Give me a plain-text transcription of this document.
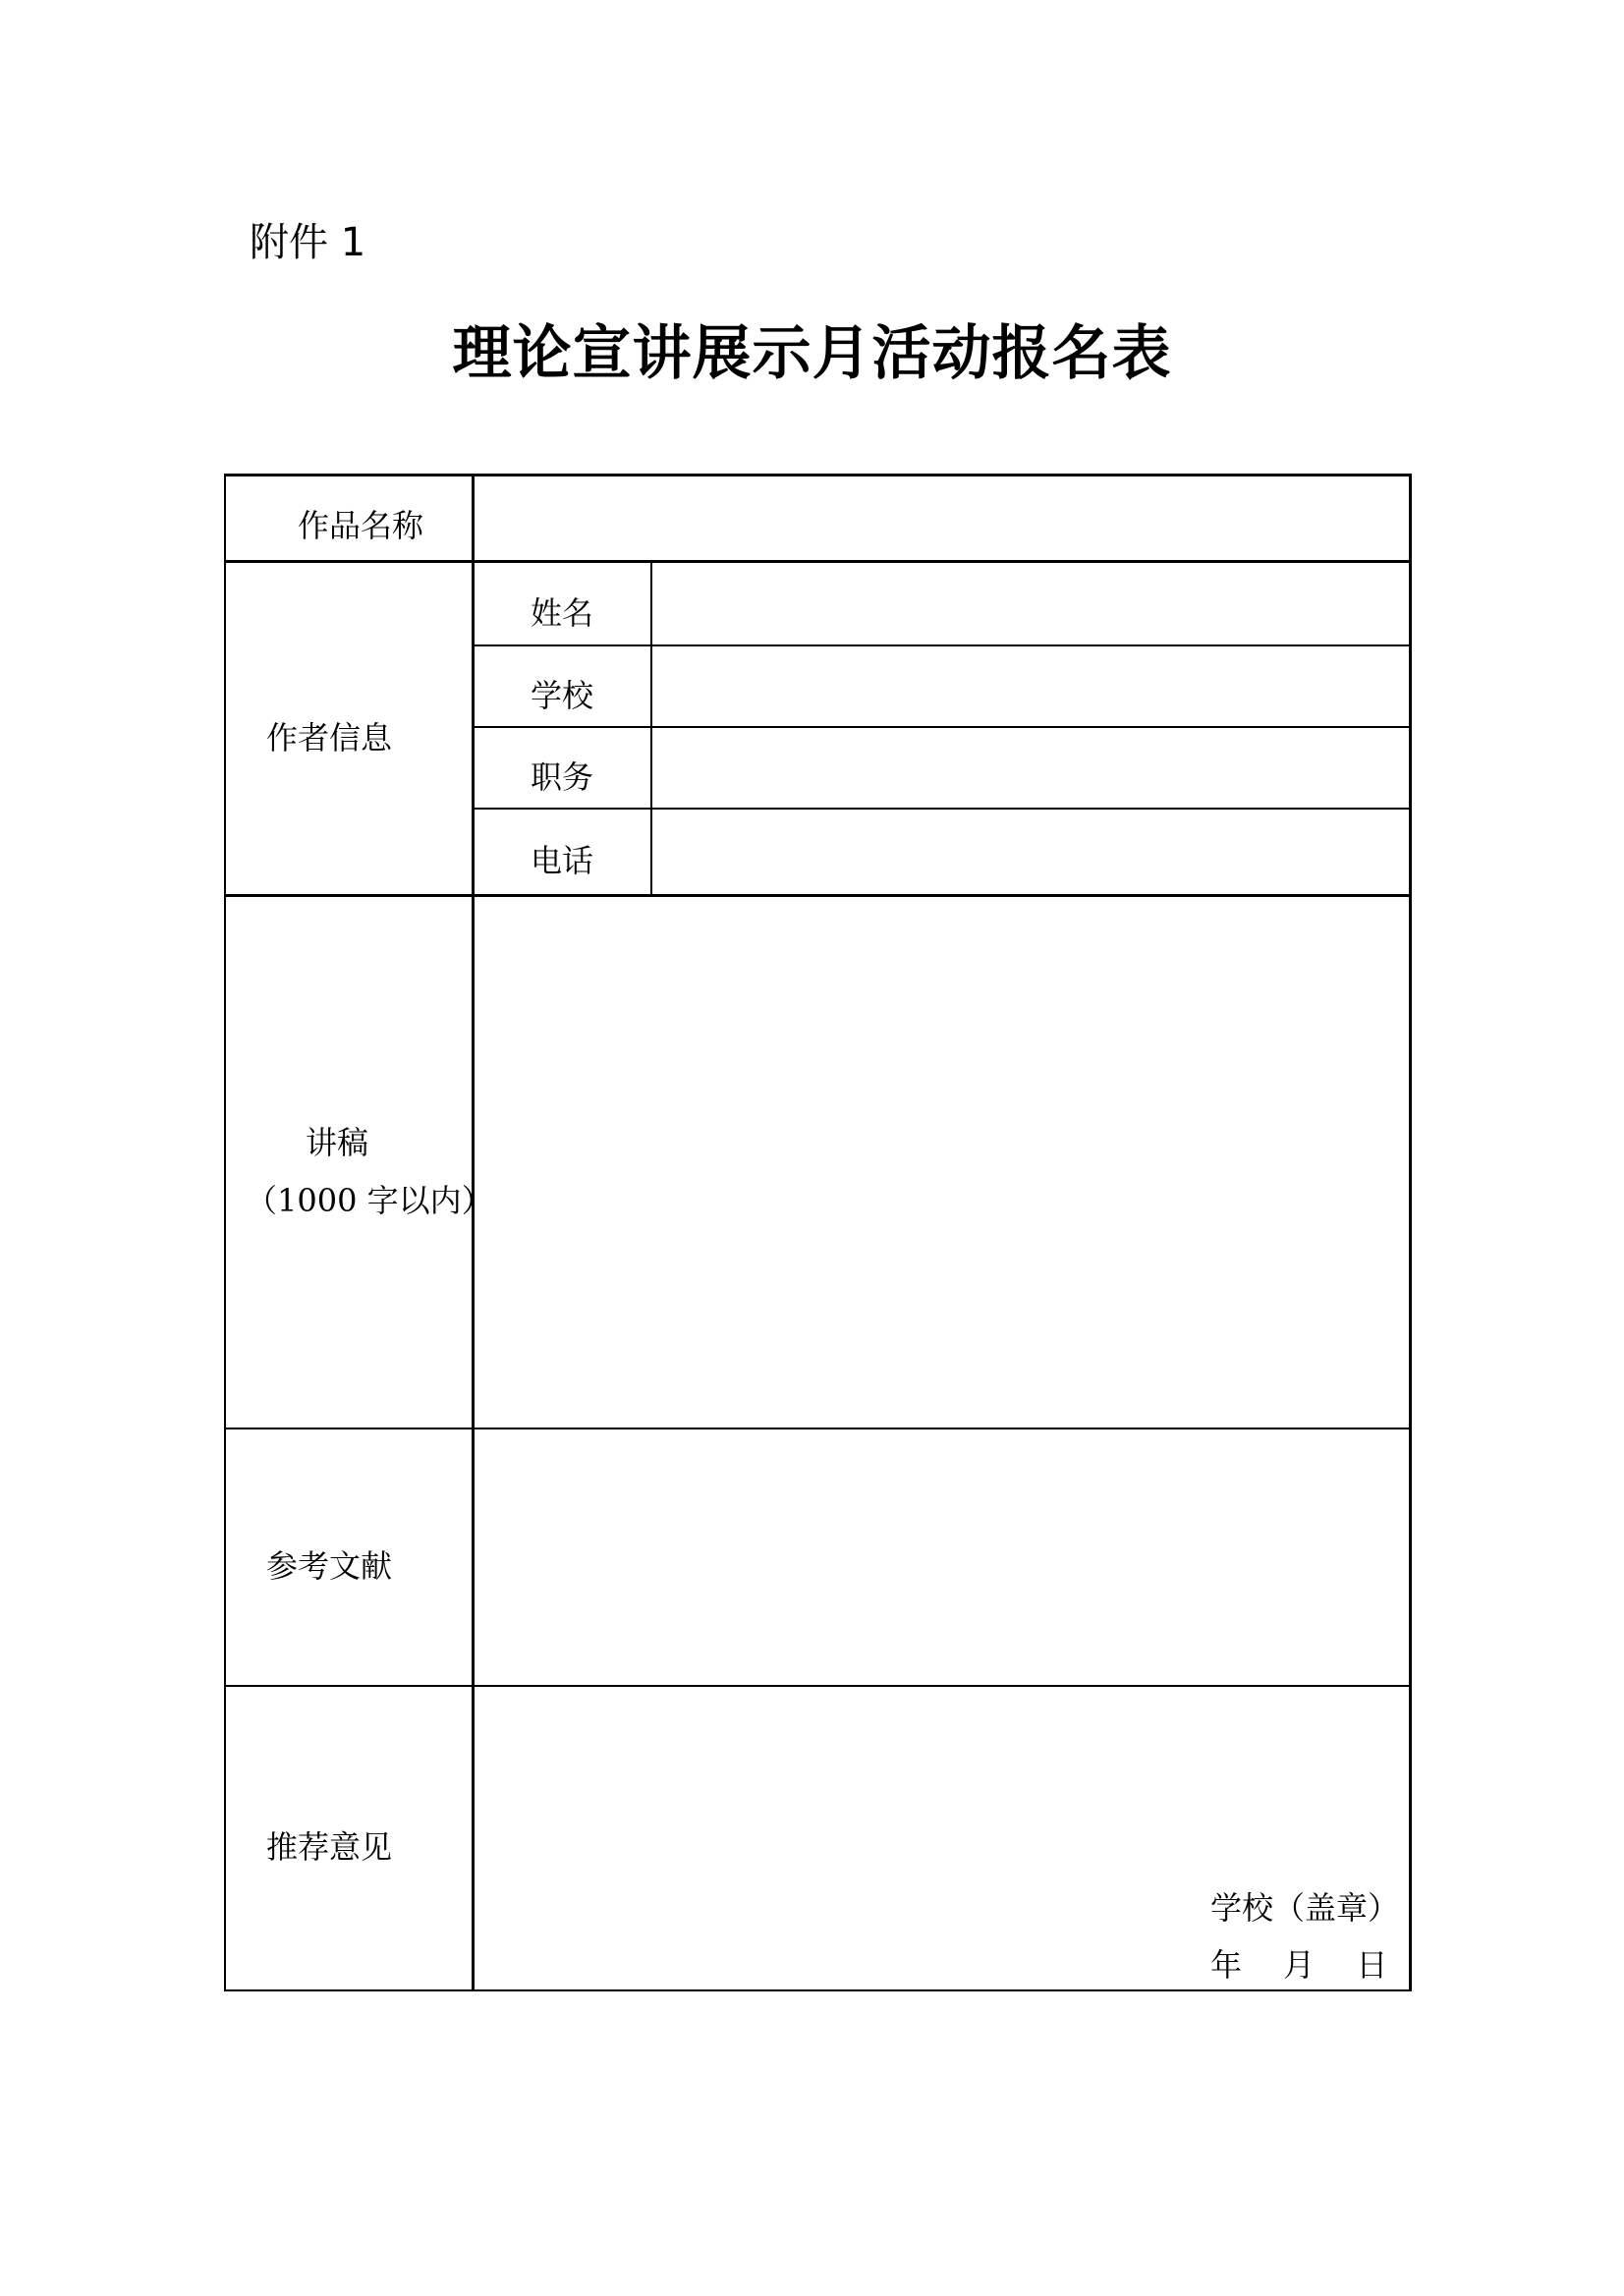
附件 1
理论宣讲展示月活动报名表
作品名称
作者信息
姓名
学校
职务
电话
讲稿
（1000 字以内）
参考文献
推荐意见
学校（盖章）
年　 月　 日
